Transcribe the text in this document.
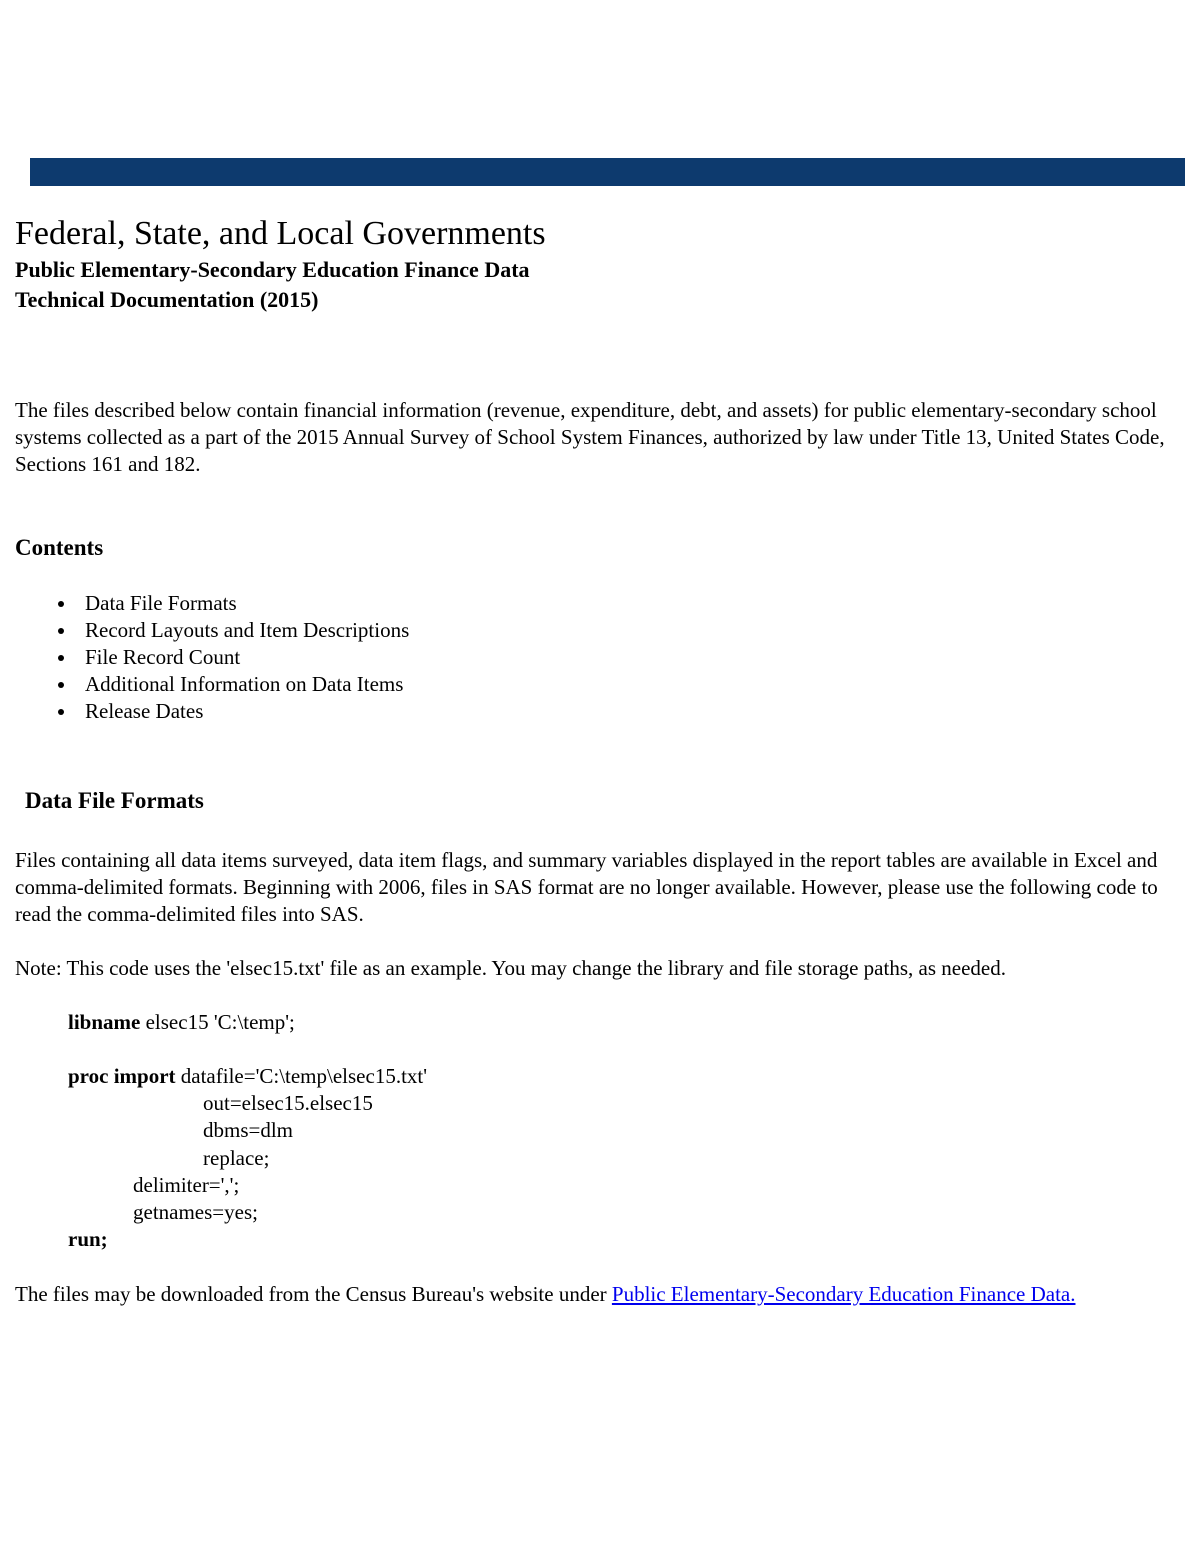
Federal, State, and Local Governments

Public Elementary-Secondary Education Finance Data

Technical Documentation (2015)

The files described below contain financial information (revenue, expenditure, debt, and assets) for public elementary-secondary school systems collected as a part of the 2015 Annual Survey of School System Finances, authorized by law under Title 13, United States Code, Sections 161 and 182.

Contents
Data File Formats
Record Layouts and Item Descriptions
File Record Count
Additional Information on Data Items
Release Dates
Data File Formats

Files containing all data items surveyed, data item flags, and summary variables displayed in the report tables are available in Excel and comma-delimited formats. Beginning with 2006, files in SAS format are no longer available. However, please use the following code to read the comma-delimited files into SAS.

Note: This code uses the 'elsec15.txt' file as an example. You may change the library and file storage paths, as needed.

libname elsec15 'C:\temp';

proc import datafile='C:\temp\elsec15.txt'

out=elsec15.elsec15

dbms=dlm

replace;

delimiter=',';

getnames=yes;

run;

The files may be downloaded from the Census Bureau's website under Public Elementary-Secondary Education Finance Data.
